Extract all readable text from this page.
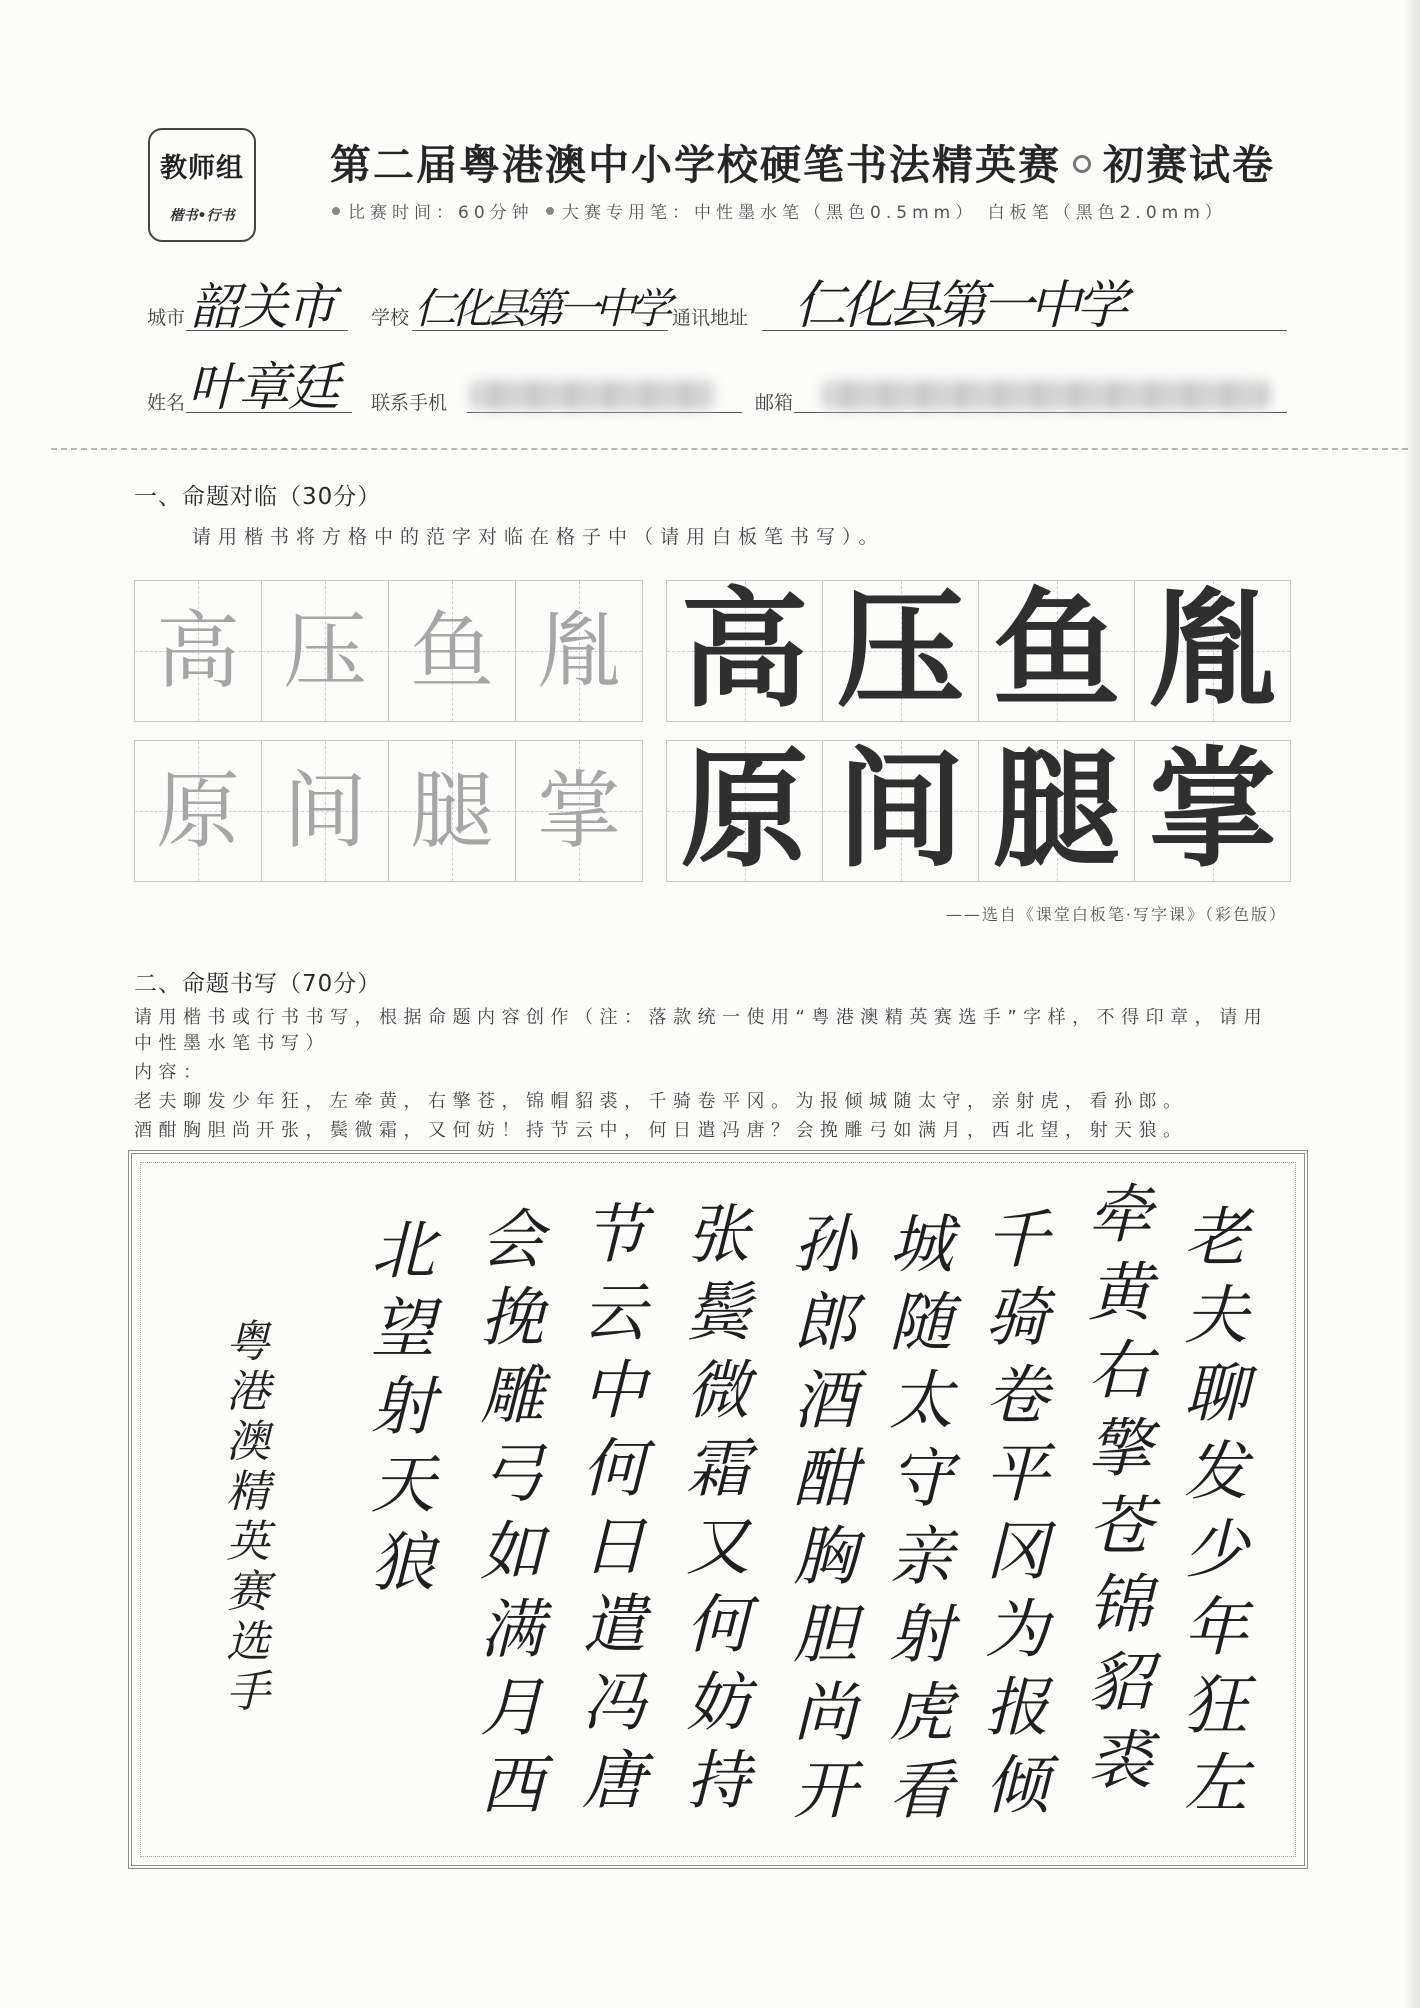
教师组
楷书•行书
第二届粤港澳中小学校硬笔书法精英赛 初赛试卷
比赛时间：60分钟 大赛专用笔：中性墨水笔（黑色0.5mm） 白板笔（黑色2.0mm）
城市 韶关市 学校 仁化县第一中学 通讯地址 仁化县第一中学
姓名 叶章廷 联系手机	邮箱
一、命题对临（30分）
请用楷书将方格中的范字对临在格子中（请用白板笔书写）。
高 压 鱼 胤
原 间 腿 掌
高 压 鱼 胤
原 间 腿 掌
——选自《课堂白板笔·写字课》（彩色版）
二、命题书写（70分）
请用楷书或行书书写，根据命题内容创作（注：落款统一使用“粤港澳精英赛选手”字样，不得印章，请用
中性墨水笔书写）
内容：
老夫聊发少年狂，左牵黄，右擎苍，锦帽貂裘，千骑卷平冈。为报倾城随太守，亲射虎，看孙郎。
酒酣胸胆尚开张，鬓微霜，又何妨！持节云中，何日遣冯唐？会挽雕弓如满月，西北望，射天狼。
老夫聊发少年狂左
牵黄右擎苍锦貂裘
千骑卷平冈为报倾
城随太守亲射虎看
孙郎酒酣胸胆尚开
张鬓微霜又何妨持
节云中何日遣冯唐
会挽雕弓如满月西
北望射天狼
粤港澳精英赛选手
